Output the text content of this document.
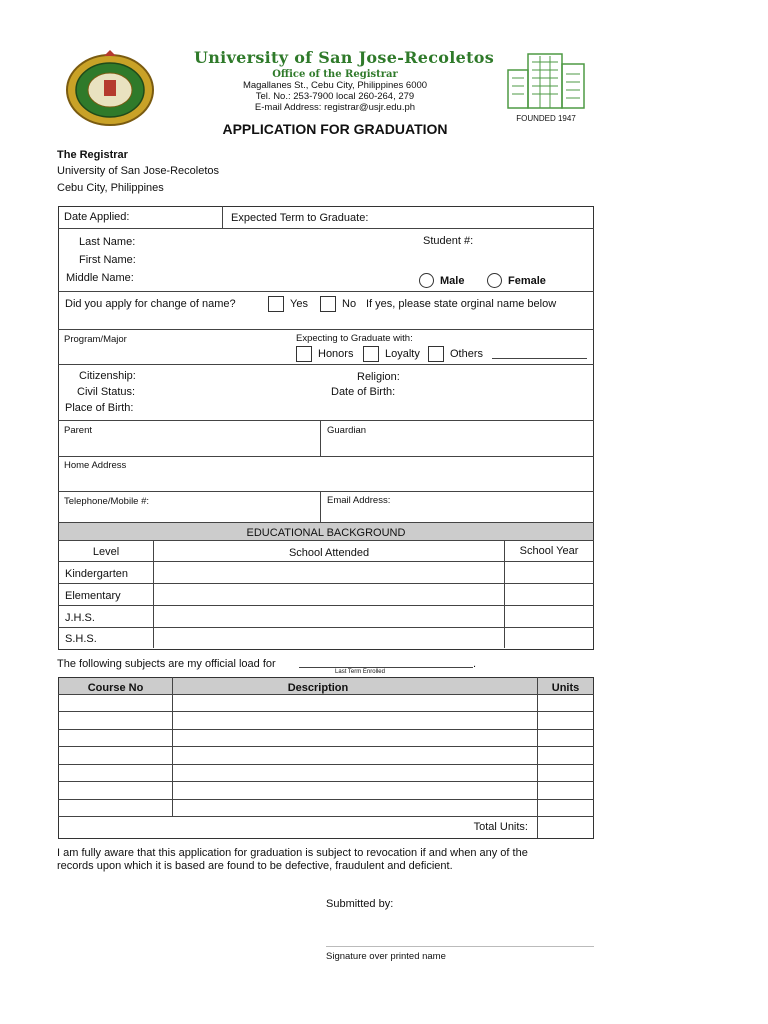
University of San Jose-Recoletos
Office of the Registrar
Magallanes St., Cebu City, Philippines 6000
Tel. No.: 253-7900 local 260-264, 279
E-mail Address: registrar@usjr.edu.ph
FOUNDED 1947
APPLICATION FOR GRADUATION
The Registrar
University of San Jose-Recoletos
Cebu City, Philippines
Date Applied:	Expected Term to Graduate:
Last Name:
First Name:
Middle Name:
Student #:
Male	Female
Did you apply for change of name?	Yes	No If yes, please state orginal name below
Program/Major	Expecting to Graduate with:
Honors	Loyalty	Others
Citizenship:
Civil Status:
Place of Birth:
Religion:
Date of Birth:
Parent	Guardian
Home Address
Telephone/Mobile #:	Email Address:
EDUCATIONAL BACKGROUND
Level	School Attended	School Year
Kindergarten
Elementary
J.H.S.
S.H.S.
The following subjects are my official load for	.
Last Term Enrolled
Course No	Description	Units
Total Units:
I am fully aware that this application for graduation is subject to revocation if and when any of the
records upon which it is based are found to be defective, fraudulent and deficient.
Submitted by:
Signature over printed name
